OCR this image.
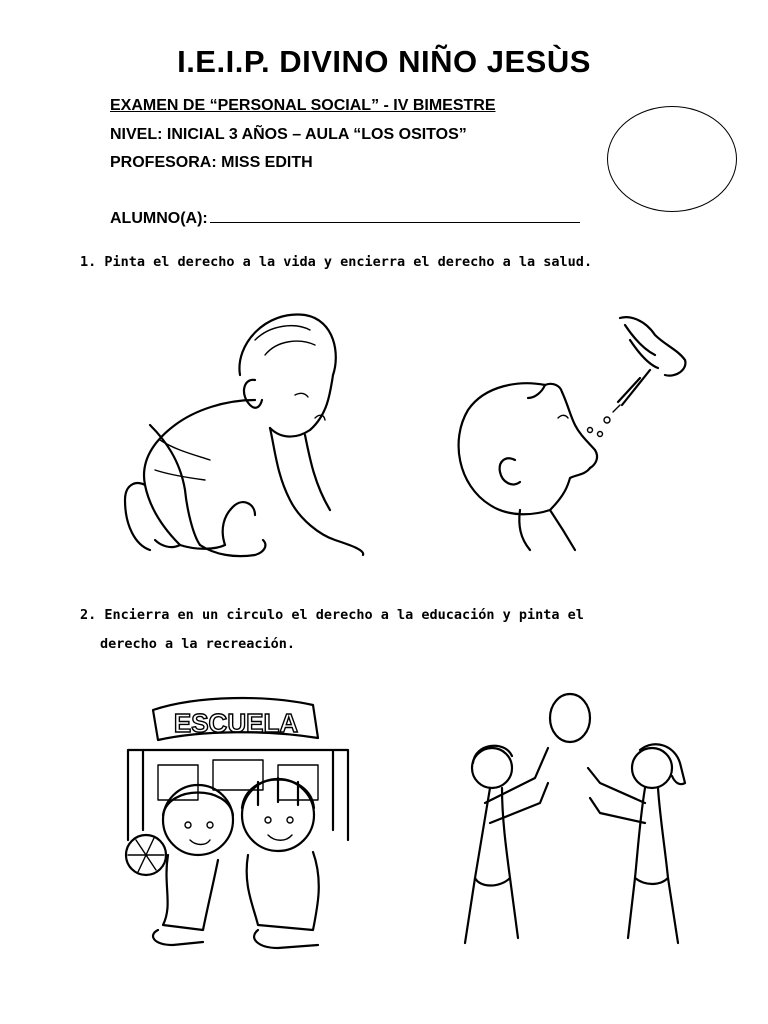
I.E.I.P. DIVINO NIÑO JESÙS
EXAMEN DE “PERSONAL SOCIAL” - IV BIMESTRE
NIVEL: INICIAL 3 AÑOS – AULA “LOS OSITOS”
PROFESORA: MISS EDITH
ALUMNO(A):
1. Pinta el derecho a la vida y encierra el derecho a la salud.
2. Encierra en un circulo el derecho a la educación y pinta el
derecho a la recreación.
ESCUELA
